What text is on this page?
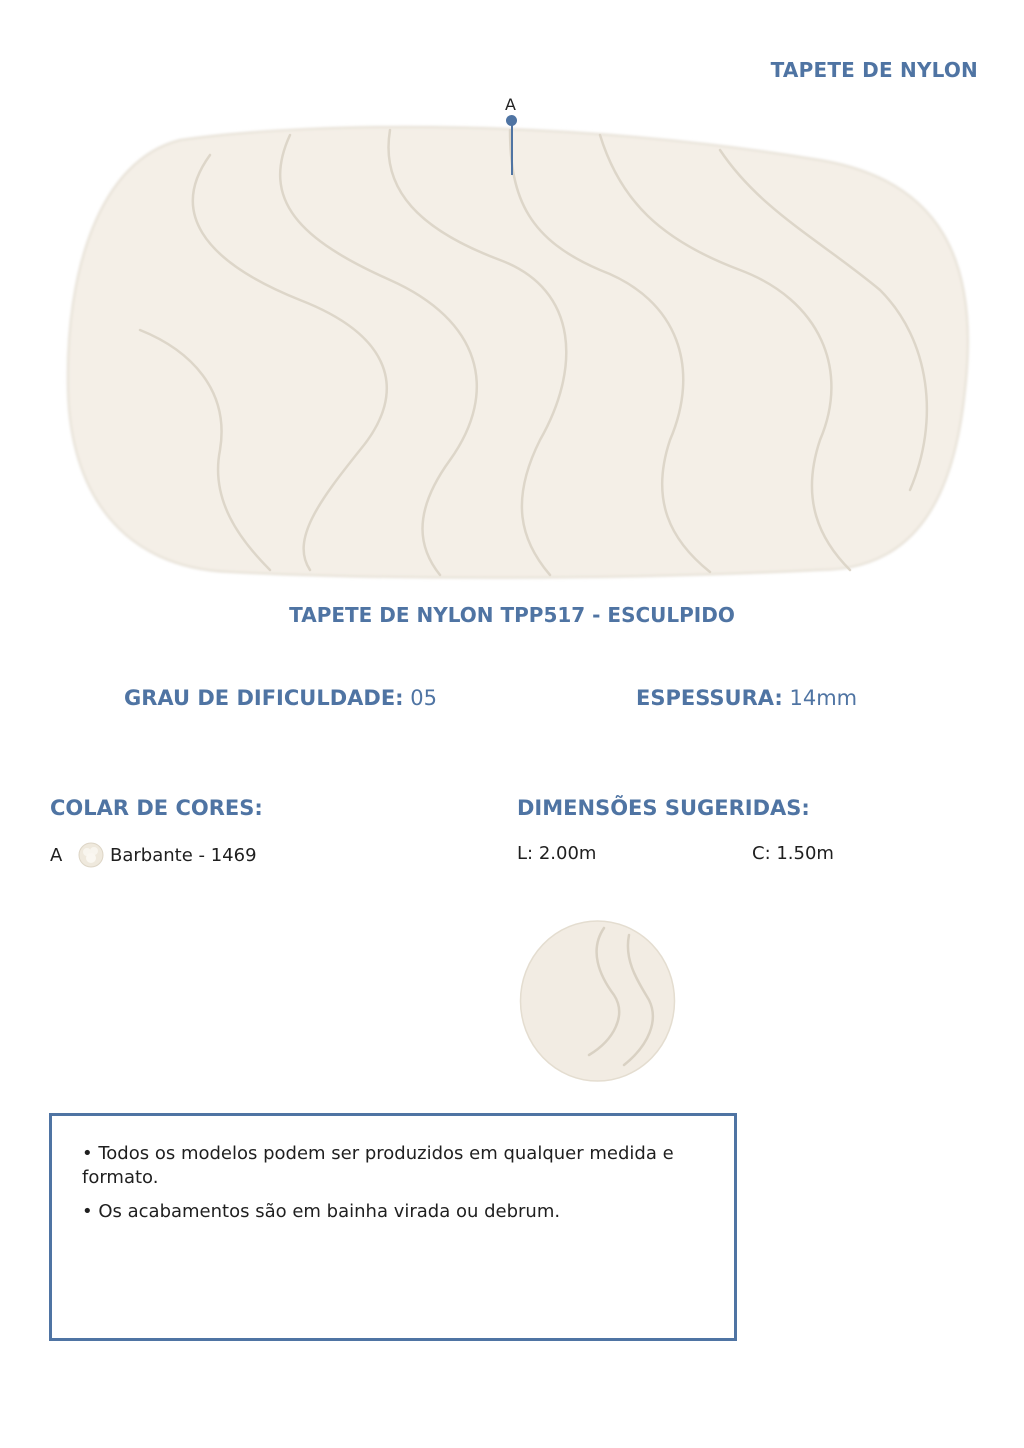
TAPETE DE NYLON
A
TAPETE DE NYLON TPP517 - ESCULPIDO
GRAU DE DIFICULDADE: 05	ESPESSURA: 14mm
COLAR DE CORES:	DIMENSÕES SUGERIDAS:
A	Barbante - 1469	L: 2.00m	C: 1.50m

• Todos os modelos podem ser produzidos em qualquer medida e formato.

• Os acabamentos são em bainha virada ou debrum.
